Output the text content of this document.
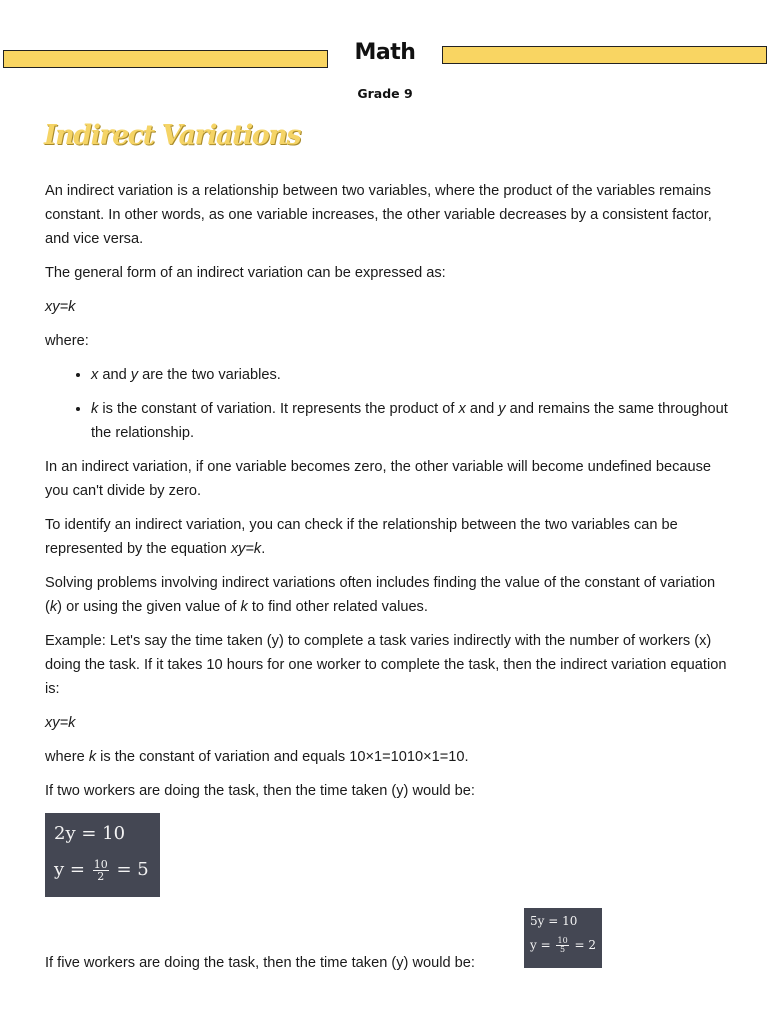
Math
Grade 9
Indirect Variations

An indirect variation is a relationship between two variables, where the product of the variables remains constant. In other words, as one variable increases, the other variable decreases by a consistent factor, and vice versa.

The general form of an indirect variation can be expressed as:

xy=k

where:

• x and y are the two variables.
• k is the constant of variation. It represents the product of x and y and remains the same throughout the relationship.

In an indirect variation, if one variable becomes zero, the other variable will become undefined because you can't divide by zero.

To identify an indirect variation, you can check if the relationship between the two variables can be represented by the equation xy=k.

Solving problems involving indirect variations often includes finding the value of the constant of variation (k) or using the given value of k to find other related values.

Example: Let's say the time taken (y) to complete a task varies indirectly with the number of workers (x) doing the task. If it takes 10 hours for one worker to complete the task, then the indirect variation equation is:

xy=k

where k is the constant of variation and equals 10×1=1010×1=10.

If two workers are doing the task, then the time taken (y) would be:

2y = 10
$y = \frac{10}{2} = 5$
If five workers are doing the task, then the time taken (y) would be:
5y = 10
$y = \frac{10}{5} = 2$
